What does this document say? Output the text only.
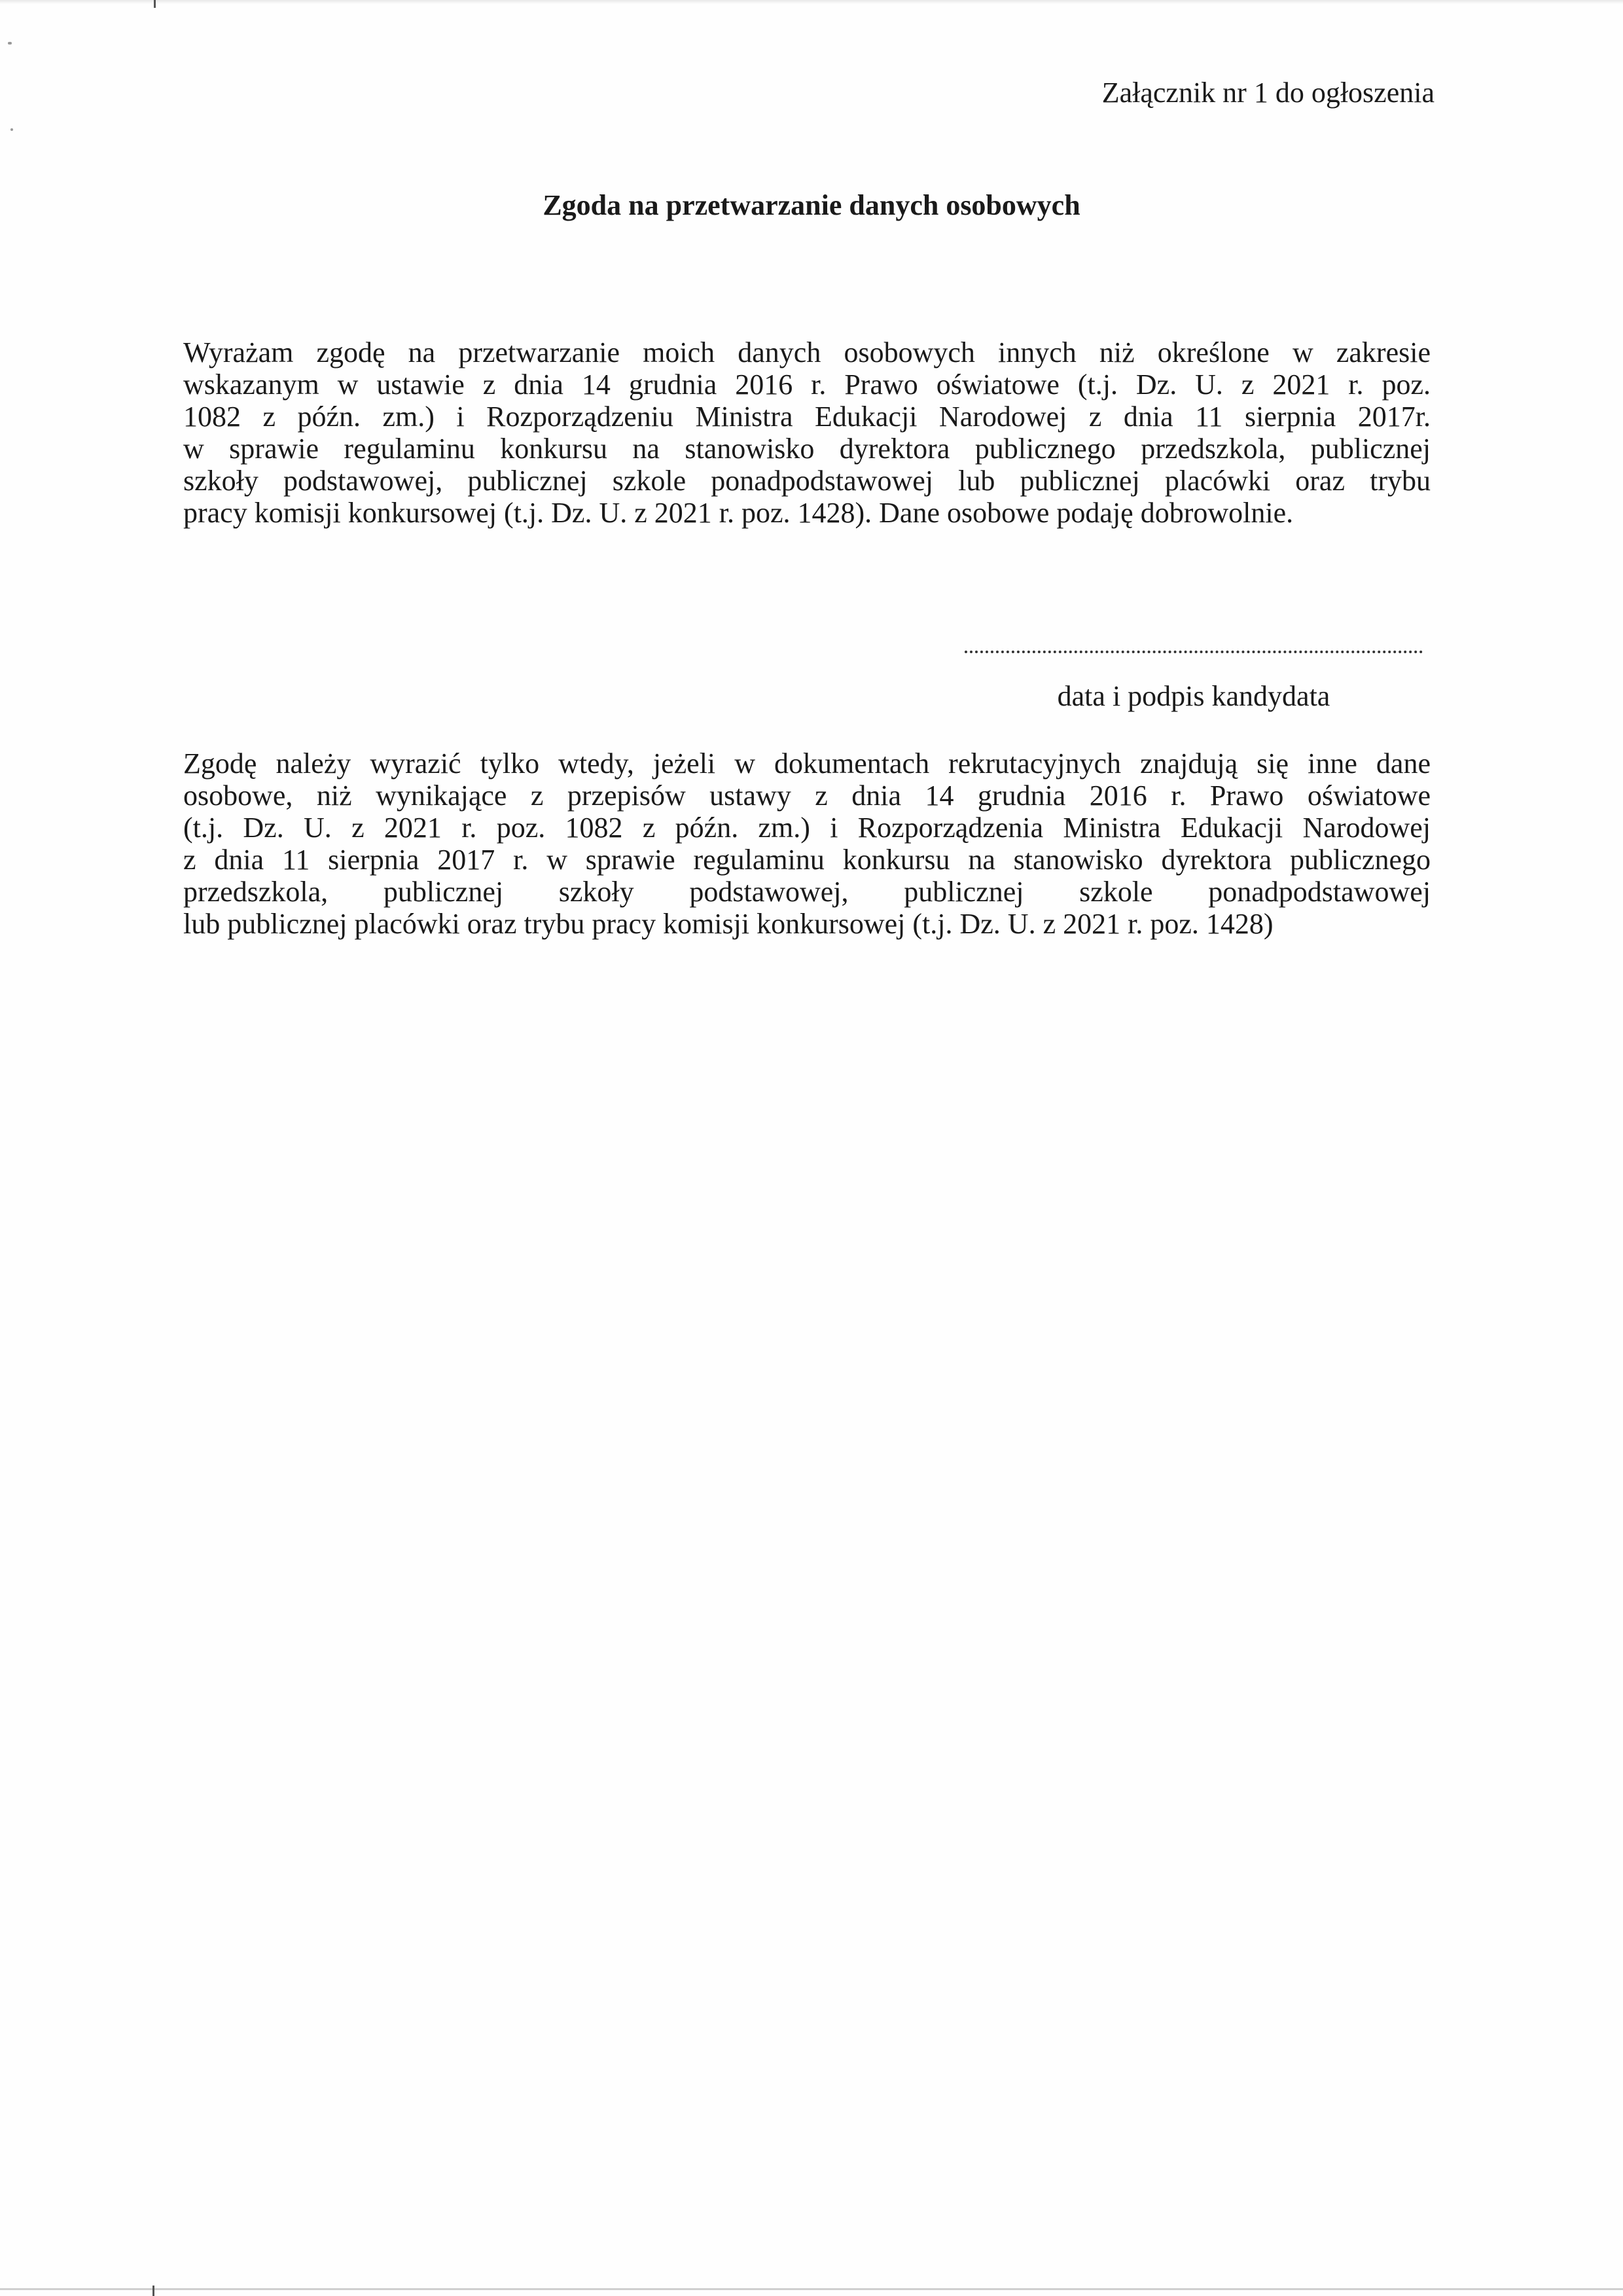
Załącznik nr 1 do ogłoszenia
Zgoda na przetwarzanie danych osobowych
Wyrażam zgodę na przetwarzanie moich danych osobowych innych niż określone w zakresie
wskazanym w ustawie z dnia 14 grudnia 2016 r. Prawo oświatowe (t.j. Dz. U. z 2021 r. poz.
1082 z późn. zm.) i Rozporządzeniu Ministra Edukacji Narodowej z dnia 11 sierpnia 2017r.
w sprawie regulaminu konkursu na stanowisko dyrektora publicznego przedszkola, publicznej
szkoły podstawowej, publicznej szkole ponadpodstawowej lub publicznej placówki oraz trybu
pracy komisji konkursowej (t.j. Dz. U. z 2021 r. poz. 1428). Dane osobowe podaję dobrowolnie.
data i podpis kandydata
Zgodę należy wyrazić tylko wtedy, jeżeli w dokumentach rekrutacyjnych znajdują się inne dane
osobowe, niż wynikające z przepisów ustawy z dnia 14 grudnia 2016 r. Prawo oświatowe
(t.j. Dz. U. z 2021 r. poz. 1082 z późn. zm.) i Rozporządzenia Ministra Edukacji Narodowej
z dnia 11 sierpnia 2017 r. w sprawie regulaminu konkursu na stanowisko dyrektora publicznego
przedszkola, publicznej szkoły podstawowej, publicznej szkole ponadpodstawowej
lub publicznej placówki oraz trybu pracy komisji konkursowej (t.j. Dz. U. z 2021 r. poz. 1428)
